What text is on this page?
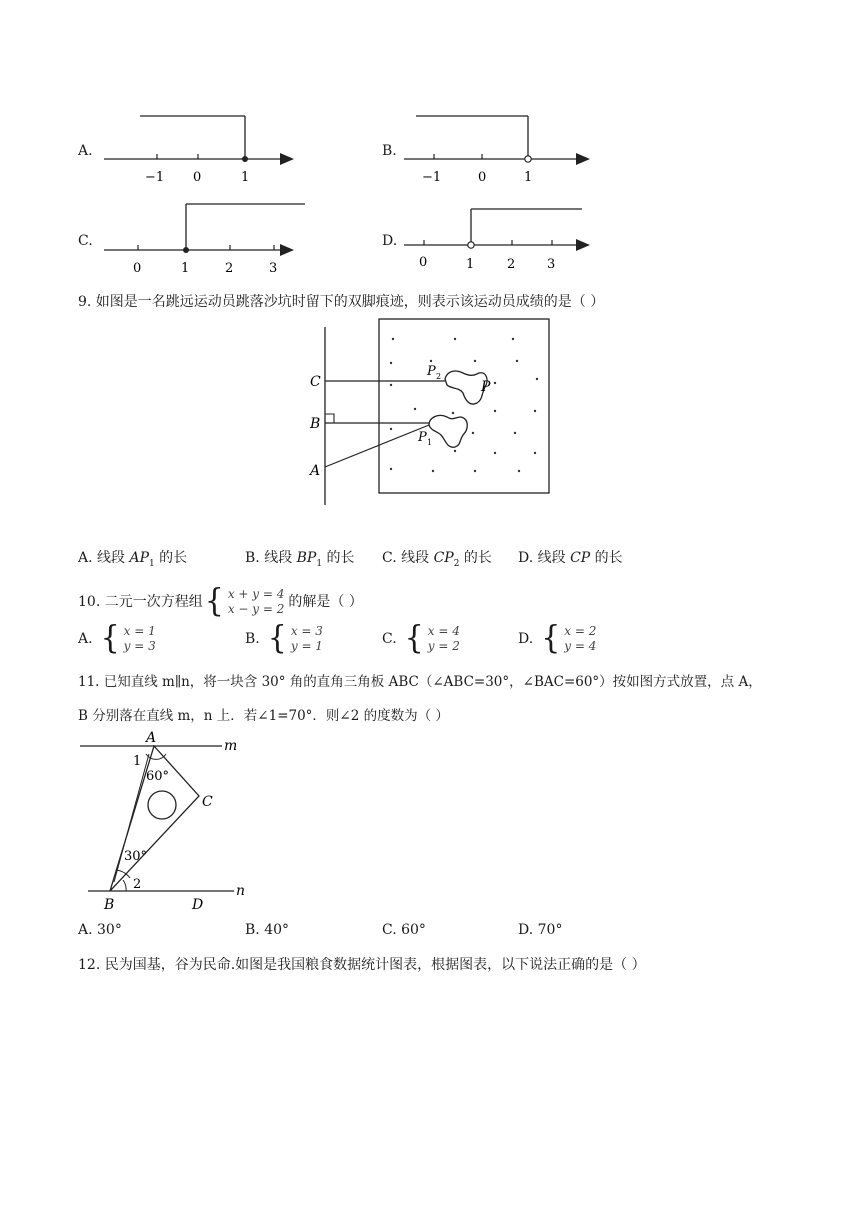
A.
−1 0	1
B.
−1	0	1
C.
0	1	2	3
D.
0	1	2 3
9. 如图是一名跳远运动员跳落沙坑时留下的双脚痕迹，则表示该运动员成绩的是（ ）
C
B
A
P 2
P
P 1
A. 线段 $AP_1$ 的长	B. 线段 $BP_1$ 的长 C. 线段 $CP_2$ 的长 D. 线段 CP 的长
10. 二元一次方程组 { x + y = 4
x − y = 2 的解是（ ）
A. { x = 1
y = 3	B. { x = 3
y = 1	C. { x = 4
y = 2	D. { x = 2
y = 4
11. 已知直线 m∥n，将一块含 30° 角的直角三角板 ABC（∠ABC=30°，∠BAC=60°）按如图方式放置，点 A，
B 分别落在直线 m，n 上．若∠1=70°．则∠2 的度数为（ ）
A	m
1
60°
C
30°
2	n
B	D
A. 30°	B. 40°	C. 60°	D. 70°
12. 民为国基，谷为民命.如图是我国粮食数据统计图表，根据图表，以下说法正确的是（ ）
